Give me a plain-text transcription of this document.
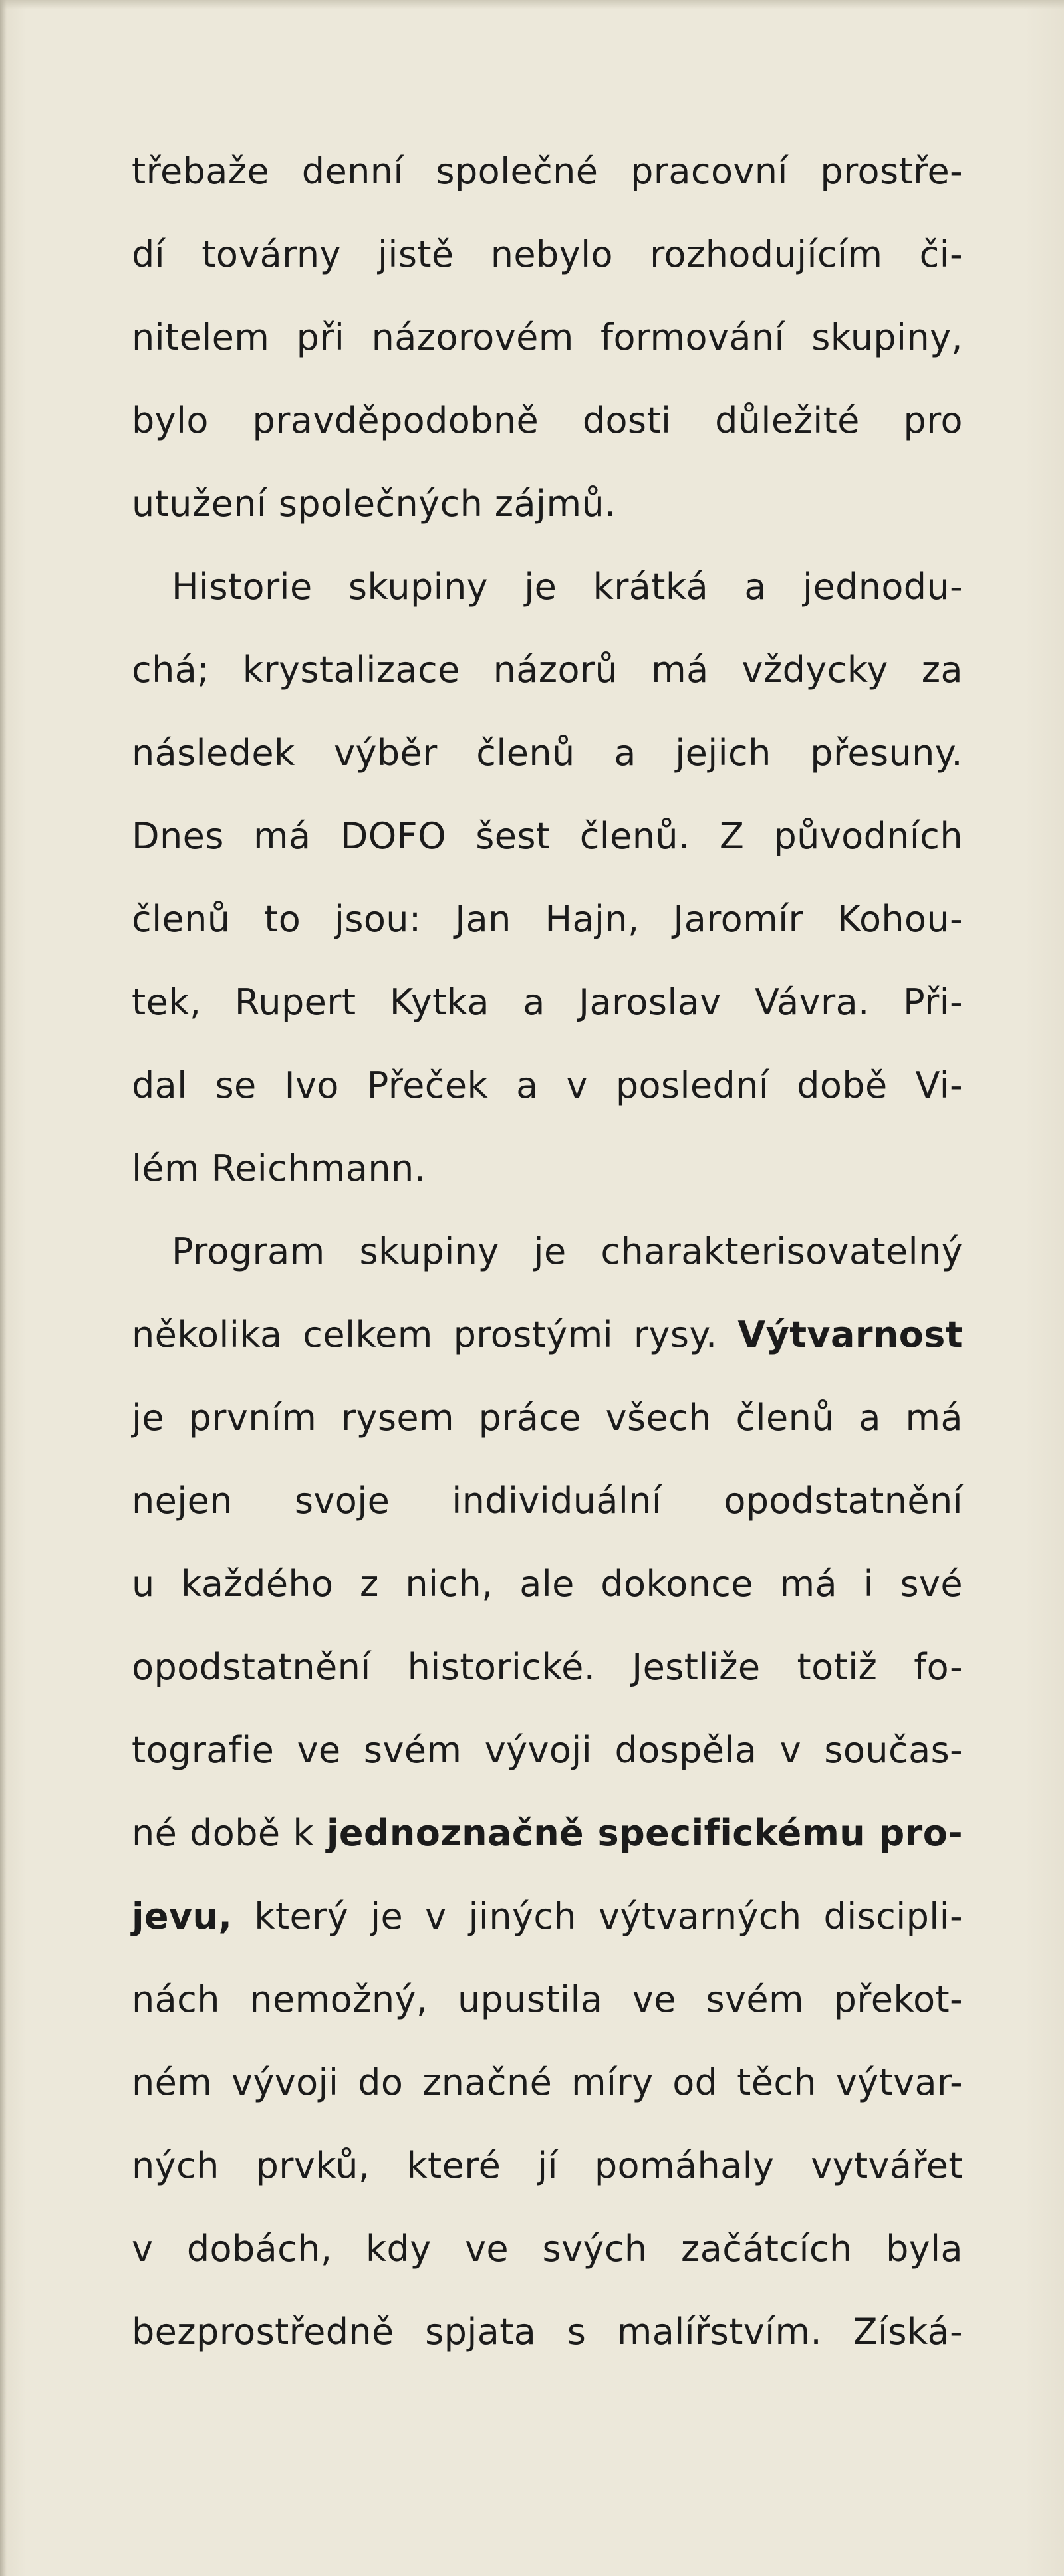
třebaže denní společné pracovní prostře-
dí továrny jistě nebylo rozhodujícím či-
nitelem při názorovém formování skupiny,
bylo pravděpodobně dosti důležité pro
utužení společných zájmů.
Historie skupiny je krátká a jednodu-
chá; krystalizace názorů má vždycky za
následek výběr členů a jejich přesuny.
Dnes má DOFO šest členů. Z původních
členů to jsou: Jan Hajn, Jaromír Kohou-
tek, Rupert Kytka a Jaroslav Vávra. Při-
dal se Ivo Přeček a v poslední době Vi-
lém Reichmann.
Program skupiny je charakterisovatelný
několika celkem prostými rysy. Výtvarnost
je prvním rysem práce všech členů a má
nejen svoje individuální opodstatnění
u každého z nich, ale dokonce má i své
opodstatnění historické. Jestliže totiž fo-
tografie ve svém vývoji dospěla v součas-
né době k jednoznačně specifickému pro-
jevu, který je v jiných výtvarných discipli-
nách nemožný, upustila ve svém překot-
ném vývoji do značné míry od těch výtvar-
ných prvků, které jí pomáhaly vytvářet
v dobách, kdy ve svých začátcích byla
bezprostředně spjata s malířstvím. Získá-
